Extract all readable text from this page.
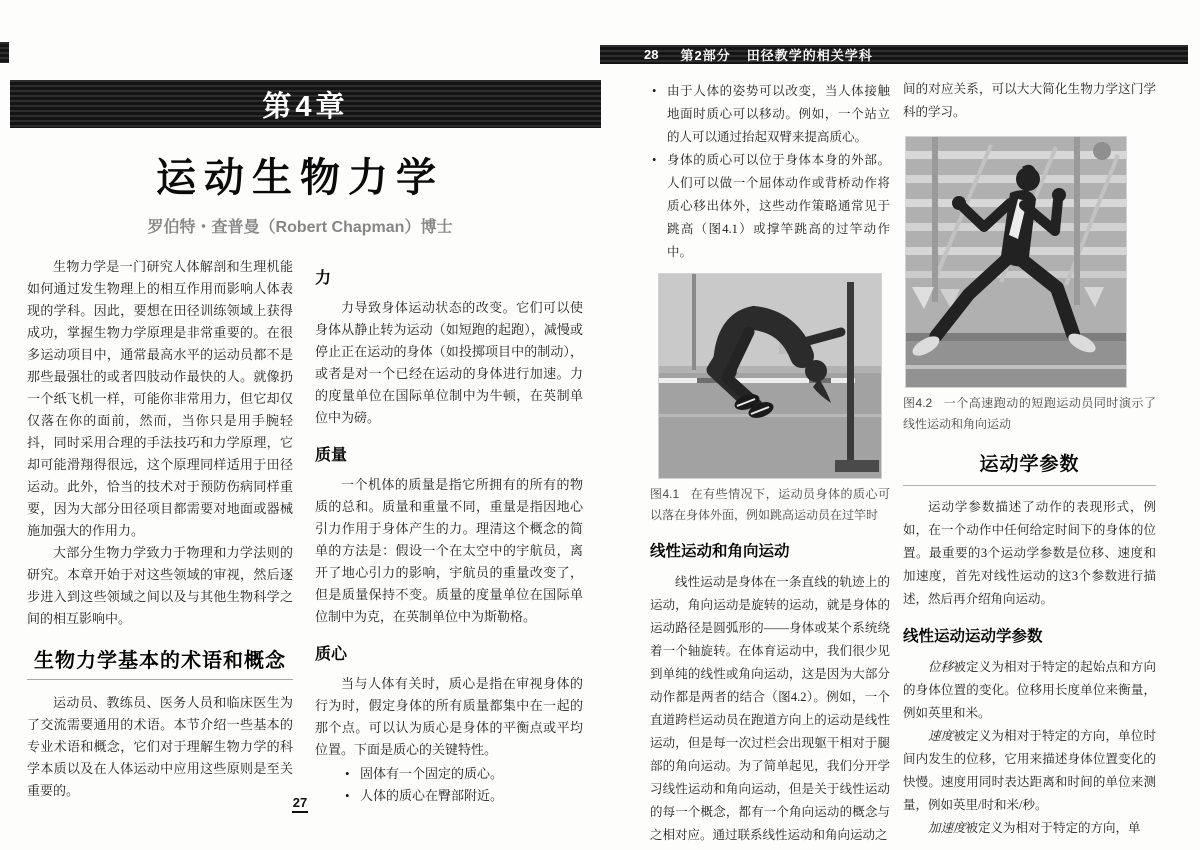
第4章
运动生物力学
罗伯特・查普曼（Robert Chapman）博士

生物力学是一门研究人体解剖和生理机能如何通过发生物理上的相互作用而影响人体表现的学科。因此，要想在田径训练领域上获得成功，掌握生物力学原理是非常重要的。在很多运动项目中，通常最高水平的运动员都不是那些最强壮的或者四肢动作最快的人。就像扔一个纸飞机一样，可能你非常用力，但它却仅仅落在你的面前，然而，当你只是用手腕轻抖，同时采用合理的手法技巧和力学原理，它却可能滑翔得很远，这个原理同样适用于田径运动。此外，恰当的技术对于预防伤病同样重要，因为大部分田径项目都需要对地面或器械施加强大的作用力。

大部分生物力学致力于物理和力学法则的研究。本章开始于对这些领域的审视，然后逐步进入到这些领域之间以及与其他生物科学之间的相互影响中。

生物力学基本的术语和概念

运动员、教练员、医务人员和临床医生为了交流需要通用的术语。本节介绍一些基本的专业术语和概念，它们对于理解生物力学的科学本质以及在人体运动中应用这些原则是至关重要的。

力

力导致身体运动状态的改变。它们可以使身体从静止转为运动（如短跑的起跑），减慢或停止正在运动的身体（如投掷项目中的制动），或者是对一个已经在运动的身体进行加速。力的度量单位在国际单位制中为牛顿，在英制单位中为磅。

质量

一个机体的质量是指它所拥有的所有的物质的总和。质量和重量不同，重量是指因地心引力作用于身体产生的力。理清这个概念的简单的方法是：假设一个在太空中的宇航员，离开了地心引力的影响，宇航员的重量改变了，但是质量保持不变。质量的度量单位在国际单位制中为克，在英制单位中为斯勒格。

质心

当与人体有关时，质心是指在审视身体的行为时，假定身体的所有质量都集中在一起的那个点。可以认为质心是身体的平衡点或平均位置。下面是质心的关键特性。

• 固体有一个固定的质心。
• 人体的质心在臀部附近。
27
28 第2部分 田径教学的相关学科
• 由于人体的姿势可以改变，当人体接触地面时质心可以移动。例如，一个站立的人可以通过抬起双臂来提高质心。
• 身体的质心可以位于身体本身的外部。人们可以做一个屈体动作或背桥动作将质心移出体外，这些动作策略通常见于跳高（图4.1）或撑竿跳高的过竿动作中。
图4.1 在有些情况下，运动员身体的质心可以落在身体外面，例如跳高运动员在过竿时
线性运动和角向运动

线性运动是身体在一条直线的轨迹上的运动，角向运动是旋转的运动，就是身体的运动路径是圆弧形的——身体或某个系统绕着一个轴旋转。在体育运动中，我们很少见到单纯的线性或角向运动，这是因为大部分动作都是两者的结合（图4.2）。例如，一个直道跨栏运动员在跑道方向上的运动是线性运动，但是每一次过栏会出现躯干相对于腿部的角向运动。为了简单起见，我们分开学习线性运动和角向运动，但是关于线性运动的每一个概念，都有一个角向运动的概念与之相对应。通过联系线性运动和角向运动之

间的对应关系，可以大大简化生物力学这门学科的学习。

图4.2 一个高速跑动的短跑运动员同时演示了线性运动和角向运动
运动学参数

运动学参数描述了动作的表现形式，例如，在一个动作中任何给定时间下的身体的位置。最重要的3个运动学参数是位移、速度和加速度，首先对线性运动的这3个参数进行描述，然后再介绍角向运动。

线性运动运动学参数

位移被定义为相对于特定的起始点和方向的身体位置的变化。位移用长度单位来衡量，例如英里和米。

速度被定义为相对于特定的方向，单位时间内发生的位移，它用来描述身体位置变化的快慢。速度用同时表达距离和时间的单位来测量，例如英里/时和米/秒。

加速度被定义为相对于特定的方向，单
